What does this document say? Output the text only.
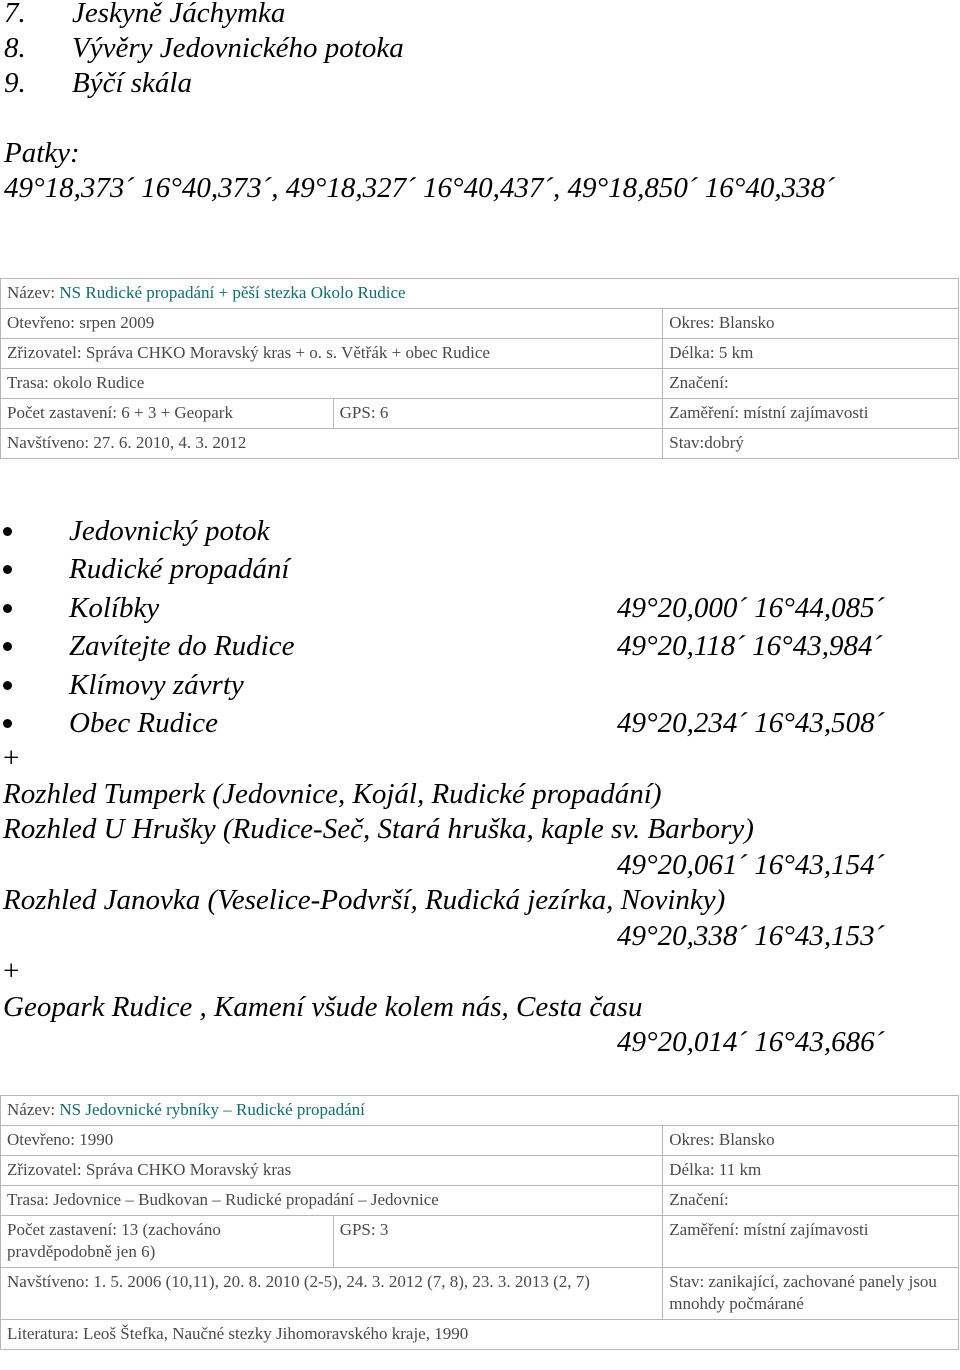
7.	Jeskyně Jáchymka
8.	Vývěry Jedovnického potoka
9.	Býčí skála
Patky:
49°18,373´ 16°40,373´, 49°18,327´ 16°40,437´, 49°18,850´ 16°40,338´
Název: NS Rudické propadání + pěší stezka Okolo Rudice		
Otevřeno: srpen 2009		Okres: Blansko
Zřizovatel: Správa CHKO Moravský kras + o. s. Větřák + obec Rudice		Délka: 5 km
Trasa: okolo Rudice		Značení:
Počet zastavení: 6 + 3 + Geopark	GPS: 6	Zaměření: místní zajímavosti
Navštíveno: 27. 6. 2010, 4. 3. 2012		Stav:dobrý
Jedovnický potok
Rudické propadání
Kolíbky	49°20,000´ 16°44,085´
Zavítejte do Rudice	49°20,118´ 16°43,984´
Klímovy závrty
Obec Rudice	49°20,234´ 16°43,508´
+
Rozhled Tumperk (Jedovnice, Kojál, Rudické propadání)
Rozhled U Hrušky (Rudice-Seč, Stará hruška, kaple sv. Barbory)
49°20,061´ 16°43,154´
Rozhled Janovka (Veselice-Podvrší, Rudická jezírka, Novinky)
49°20,338´ 16°43,153´
+
Geopark Rudice , Kamení všude kolem nás, Cesta času
49°20,014´ 16°43,686´
Název: NS Jedovnické rybníky – Rudické propadání		
Otevřeno: 1990		Okres: Blansko
Zřizovatel: Správa CHKO Moravský kras		Délka: 11 km
Trasa: Jedovnice – Budkovan – Rudické propadání – Jedovnice		Značení:
Počet zastavení: 13 (zachováno pravděpodobně jen 6)	GPS: 3	Zaměření: místní zajímavosti
Navštíveno: 1. 5. 2006 (10,11), 20. 8. 2010 (2-5), 24. 3. 2012 (7, 8), 23. 3. 2013 (2, 7)		Stav: zanikající, zachované panely jsou mnohdy počmárané
Literatura: Leoš Štefka, Naučné stezky Jihomoravského kraje, 1990		
